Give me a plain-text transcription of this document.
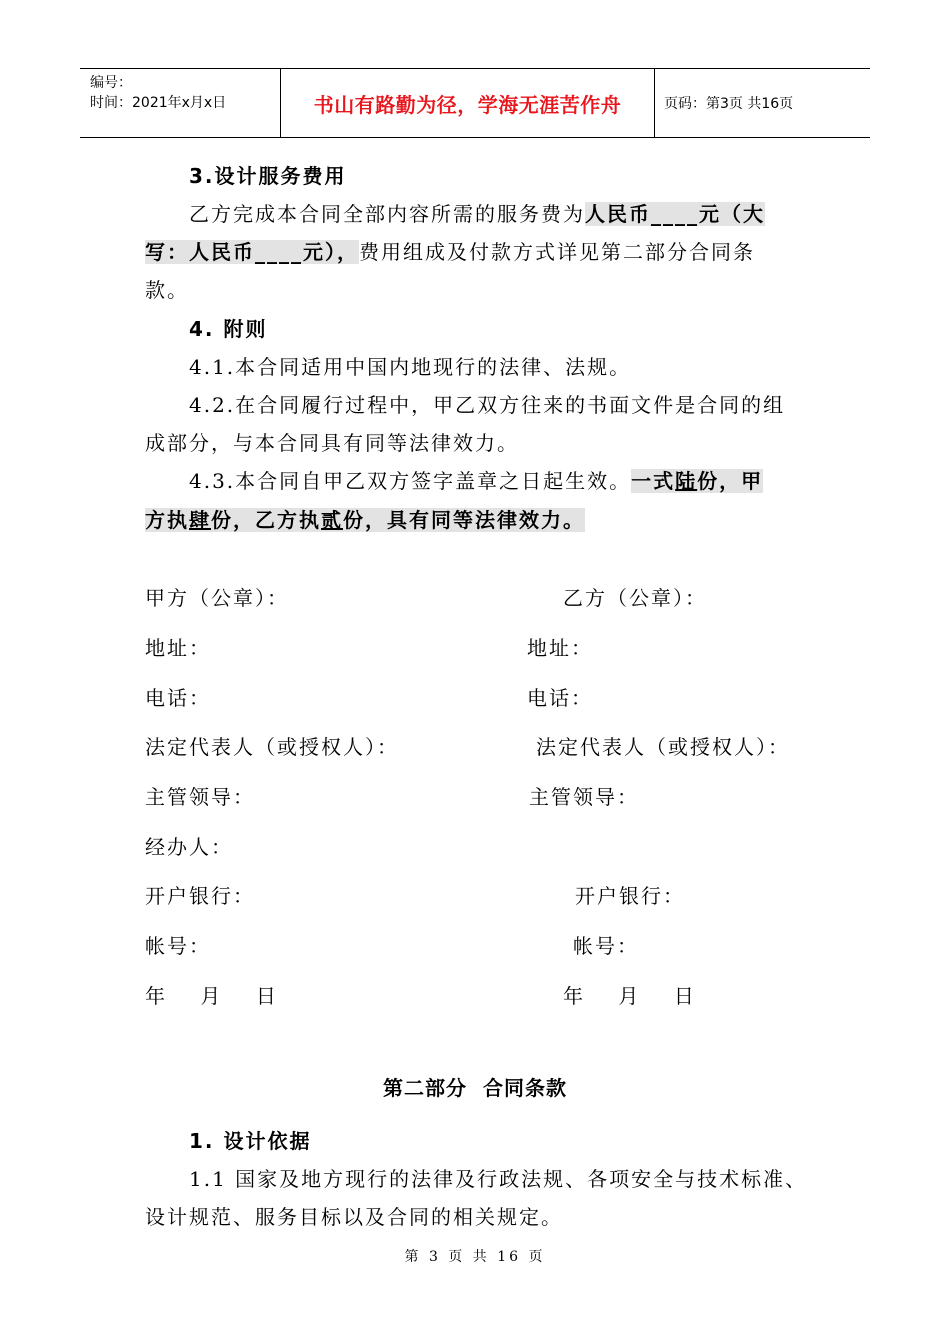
编号：
时间：2021年x月x日	书山有路勤为径，学海无涯苦作舟	页码：第3页 共16页
3.设计服务费用
乙方完成本合同全部内容所需的服务费为人民币____元（大
写：人民币____元），费用组成及付款方式详见第二部分合同条
款。
4. 附则
4.1.本合同适用中国内地现行的法律、法规。
4.2.在合同履行过程中，甲乙双方往来的书面文件是合同的组
成部分，与本合同具有同等法律效力。
4.3.本合同自甲乙双方签字盖章之日起生效。一式陆份，甲
方执肆份，乙方执贰份，具有同等法律效力。
甲方（公章）：
地址：
电话：
法定代表人（或授权人）：
主管领导：
经办人：
开户银行：
帐号：
年    月    日
乙方（公章）：
地址：
电话：
法定代表人（或授权人）：
主管领导：
开户银行：
帐号：
年    月    日
第二部分  合同条款
1. 设计依据
1.1 国家及地方现行的法律及行政法规、各项安全与技术标准、
设计规范、服务目标以及合同的相关规定。
第 3 页 共 16 页
